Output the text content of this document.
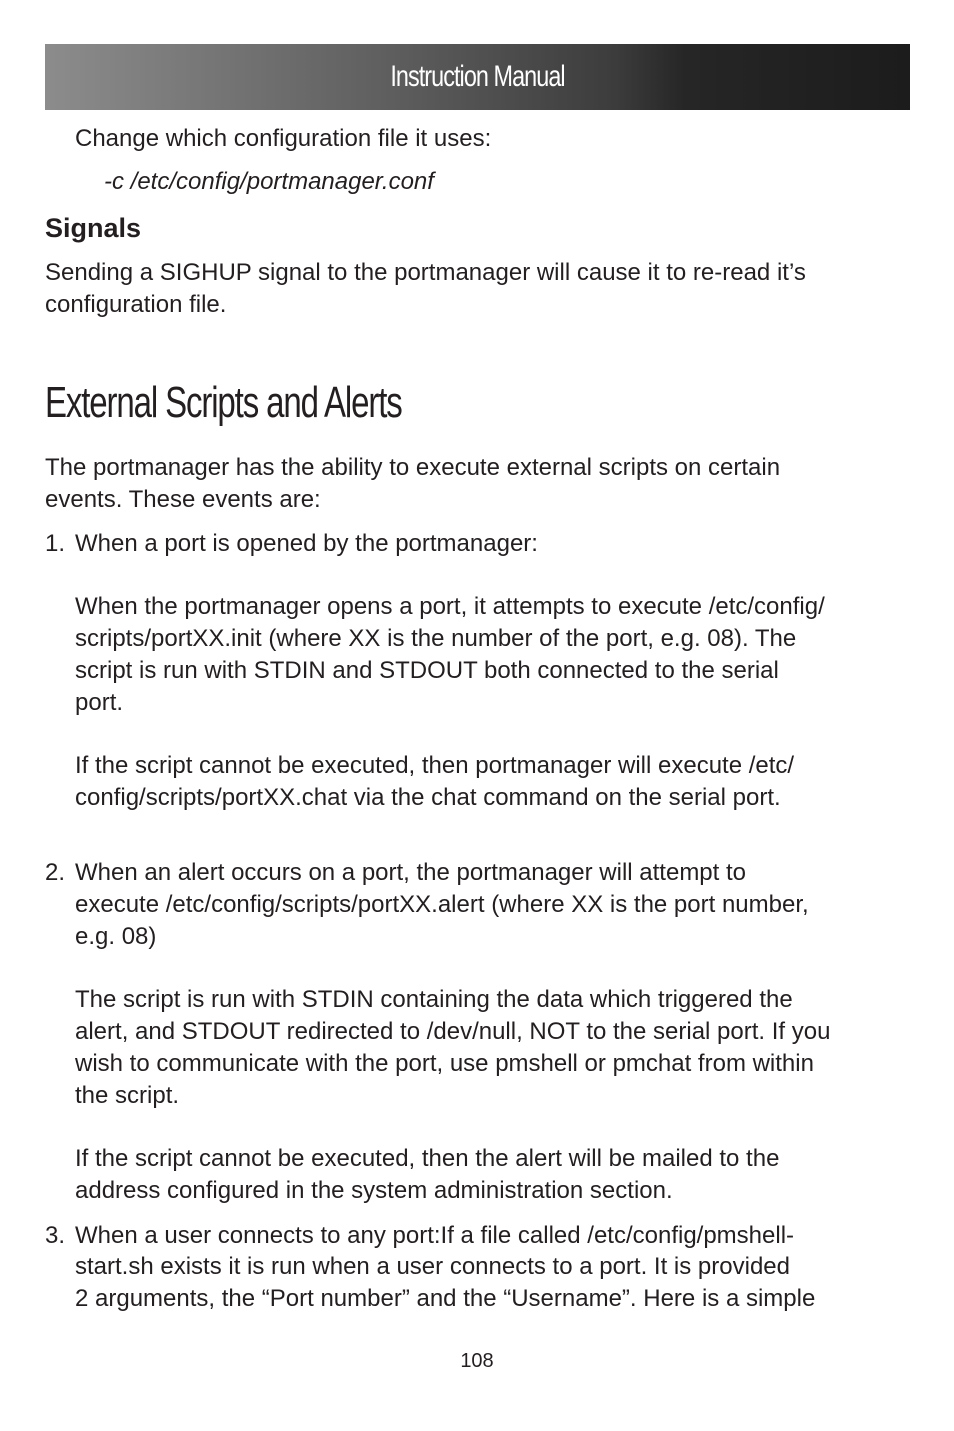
Instruction Manual
Change which configuration file it uses:
-c /etc/config/portmanager.conf
Signals
Sending a SIGHUP signal to the portmanager will cause it to re-read it’s
configuration file.
External Scripts and Alerts
The portmanager has the ability to execute external scripts on certain
events. These events are:
1. When a port is opened by the portmanager:
When the portmanager opens a port, it attempts to execute /etc/config/
scripts/portXX.init (where XX is the number of the port, e.g. 08). The
script is run with STDIN and STDOUT both connected to the serial
port.
If the script cannot be executed, then portmanager will execute /etc/
config/scripts/portXX.chat via the chat command on the serial port.
2. When an alert occurs on a port, the portmanager will attempt to
execute /etc/config/scripts/portXX.alert (where XX is the port number,
e.g. 08)
The script is run with STDIN containing the data which triggered the
alert, and STDOUT redirected to /dev/null, NOT to the serial port. If you
wish to communicate with the port, use pmshell or pmchat from within
the script.
If the script cannot be executed, then the alert will be mailed to the
address configured in the system administration section.
3. When a user connects to any port:If a file called /etc/config/pmshell-
start.sh exists it is run when a user connects to a port. It is provided
2 arguments, the “Port number” and the “Username”. Here is a simple
108
